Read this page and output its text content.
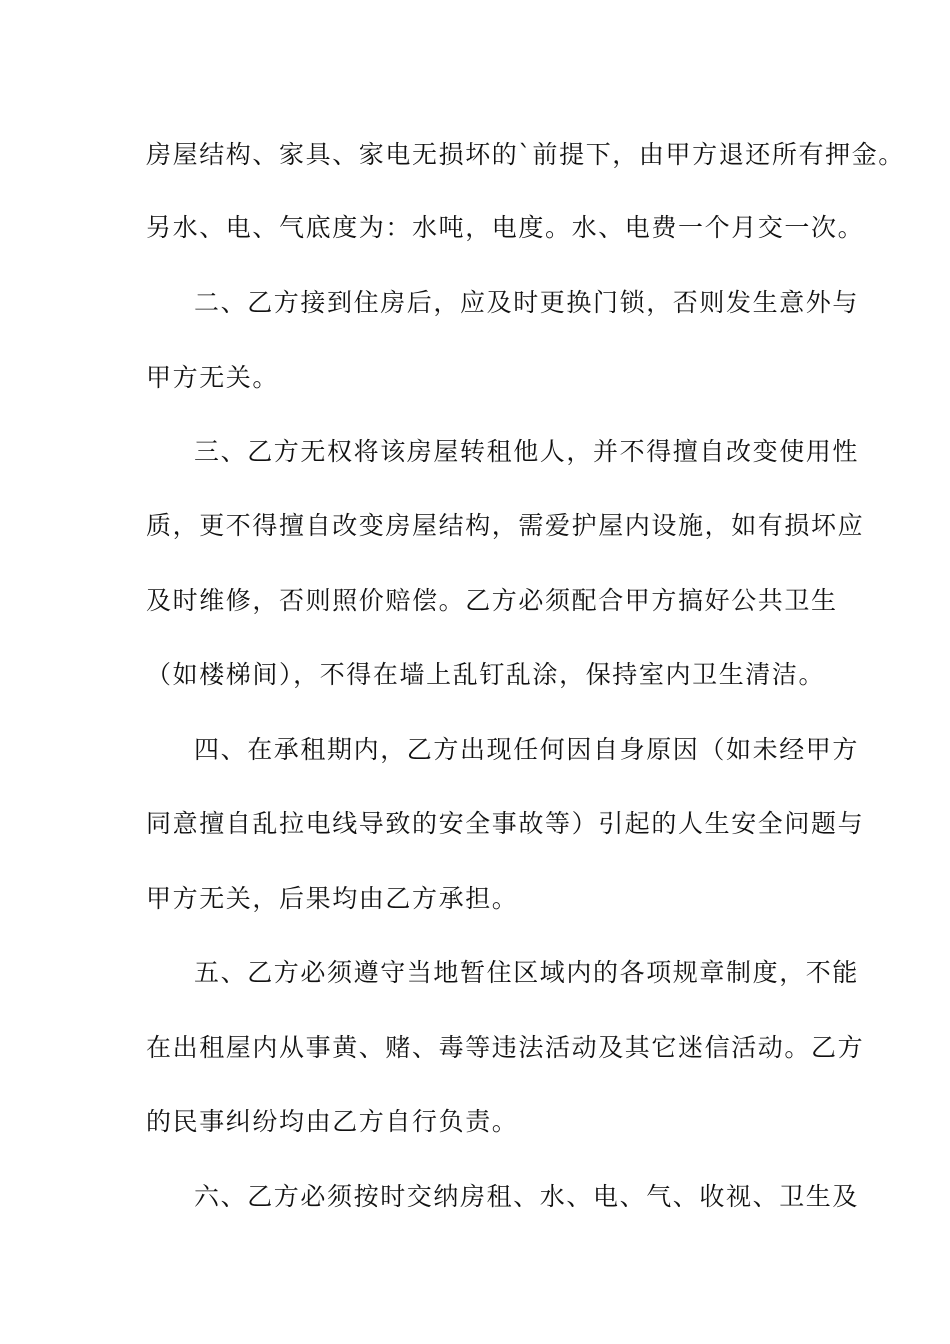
房屋结构、家具、家电无损坏的`前提下，由甲方退还所有押金。
另水、电、气底度为：水吨，电度。水、电费一个月交一次。
二、乙方接到住房后，应及时更换门锁，否则发生意外与
甲方无关。
三、乙方无权将该房屋转租他人，并不得擅自改变使用性
质，更不得擅自改变房屋结构，需爱护屋内设施，如有损坏应
及时维修，否则照价赔偿。乙方必须配合甲方搞好公共卫生
（如楼梯间），不得在墙上乱钉乱涂，保持室内卫生清洁。
四、在承租期内，乙方出现任何因自身原因（如未经甲方
同意擅自乱拉电线导致的安全事故等）引起的人生安全问题与
甲方无关，后果均由乙方承担。
五、乙方必须遵守当地暂住区域内的各项规章制度，不能
在出租屋内从事黄、赌、毒等违法活动及其它迷信活动。乙方
的民事纠纷均由乙方自行负责。
六、乙方必须按时交纳房租、水、电、气、收视、卫生及
